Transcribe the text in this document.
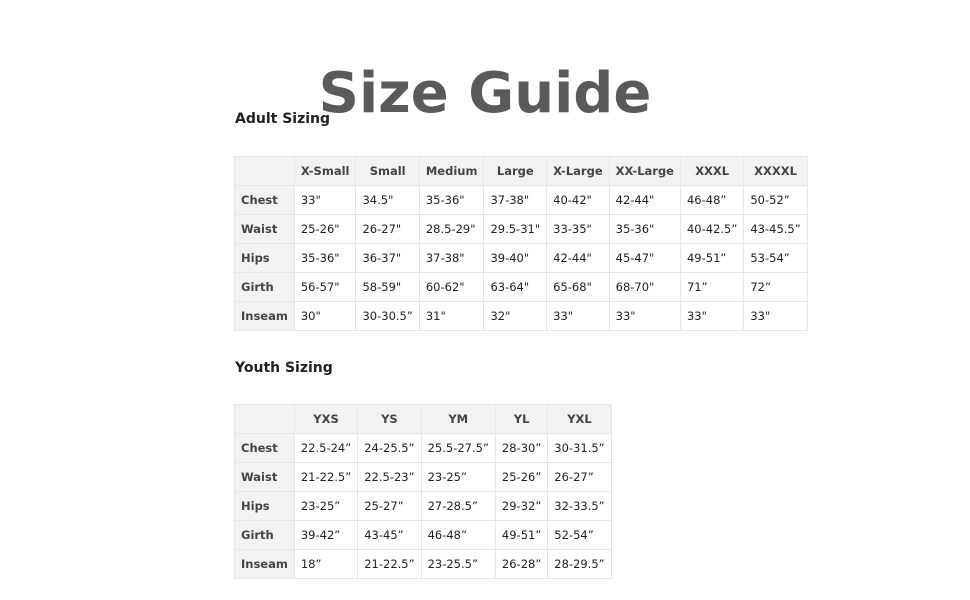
Size Guide
Adult Sizing
	X-Small	Small	Medium	Large	X-Large	XX-Large	XXXL	XXXXL
Chest	33"	34.5"	35-36"	37-38"	40-42"	42-44"	46-48”	50-52”
Waist	25-26"	26-27"	28.5-29"	29.5-31"	33-35"	35-36"	40-42.5”	43-45.5”
Hips	35-36"	36-37"	37-38"	39-40"	42-44"	45-47"	49-51”	53-54”
Girth	56-57"	58-59"	60-62"	63-64"	65-68"	68-70"	71”	72”
Inseam	30"	30-30.5”	31"	32"	33"	33"	33"	33"
Youth Sizing
	YXS	YS	YM	YL	YXL
Chest	22.5-24”	24-25.5”	25.5-27.5”	28-30”	30-31.5”
Waist	21-22.5”	22.5-23”	23-25”	25-26”	26-27”
Hips	23-25”	25-27”	27-28.5”	29-32”	32-33.5”
Girth	39-42”	43-45”	46-48”	49-51”	52-54”
Inseam	18”	21-22.5”	23-25.5”	26-28”	28-29.5”
